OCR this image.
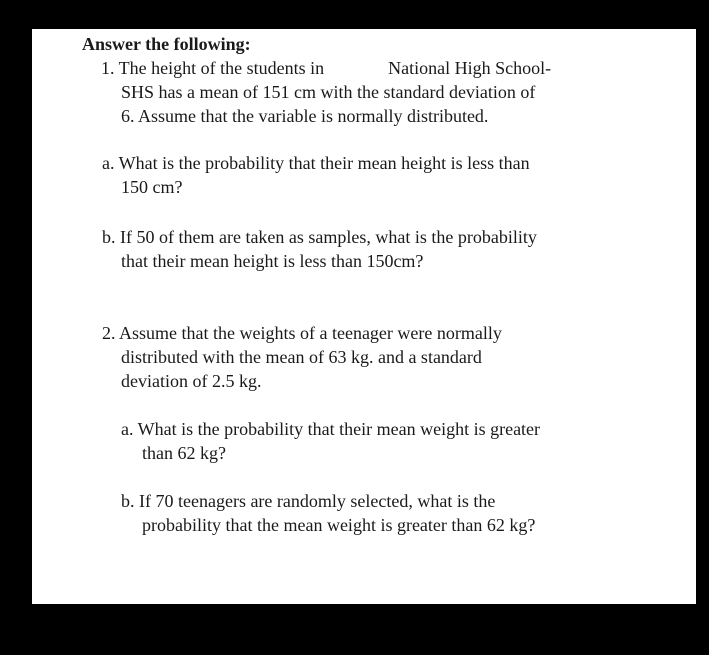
Answer the following:
1. The height of the students in	National High School-
SHS has a mean of 151 cm with the standard deviation of
6. Assume that the variable is normally distributed.
a. What is the probability that their mean height is less than
150 cm?
b. If 50 of them are taken as samples, what is the probability
that their mean height is less than 150cm?
2. Assume that the weights of a teenager were normally
distributed with the mean of 63 kg. and a standard
deviation of 2.5 kg.
a. What is the probability that their mean weight is greater
than 62 kg?
b. If 70 teenagers are randomly selected, what is the
probability that the mean weight is greater than 62 kg?
